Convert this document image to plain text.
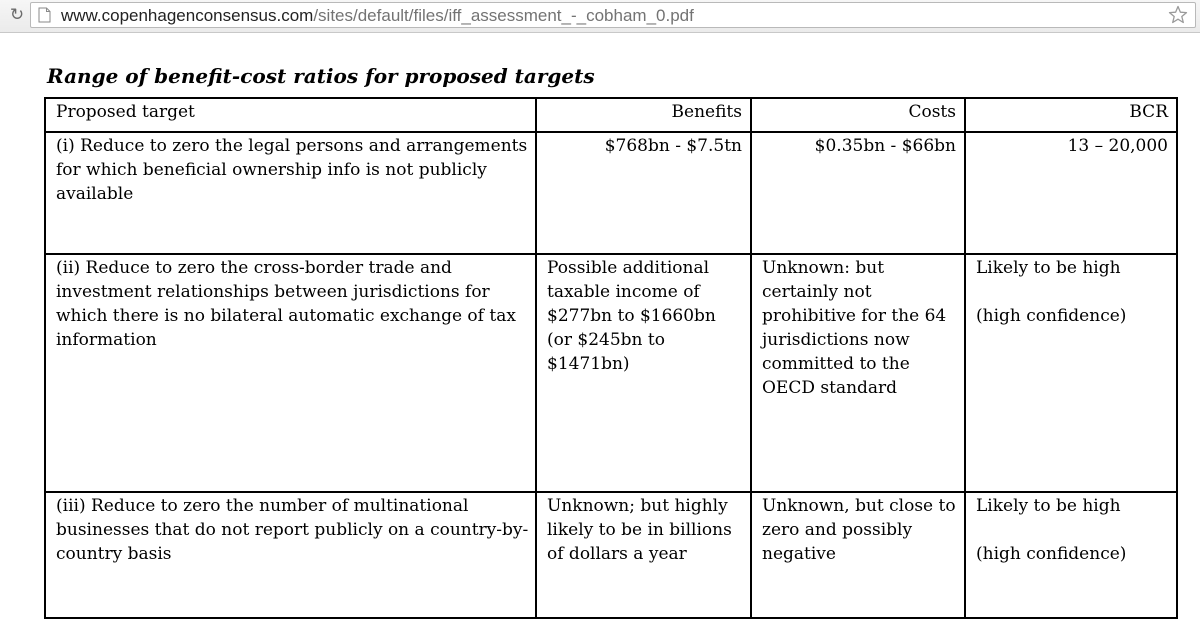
↻ www.copenhagenconsensus.com/sites/default/files/iff_assessment_-_cobham_0.pdf
Range of benefit-cost ratios for proposed targets
Proposed target	Benefits	Costs	BCR
(i) Reduce to zero the legal persons and arrangements for which beneficial ownership info is not publicly available	$768bn - $7.5tn	$0.35bn - $66bn	13 – 20,000
(ii) Reduce to zero the cross-border trade and investment relationships between jurisdictions for which there is no bilateral automatic exchange of tax information	Possible additional taxable income of $277bn to $1660bn (or $245bn to $1471bn)	Unknown: but certainly not prohibitive for the 64 jurisdictions now committed to the OECD standard	Likely to be high
(high confidence)

(iii) Reduce to zero the number of multinational businesses that do not report publicly on a country-by-country basis	Unknown; but highly likely to be in billions of dollars a year	Unknown, but close to zero and possibly negative	Likely to be high
(high confidence)
